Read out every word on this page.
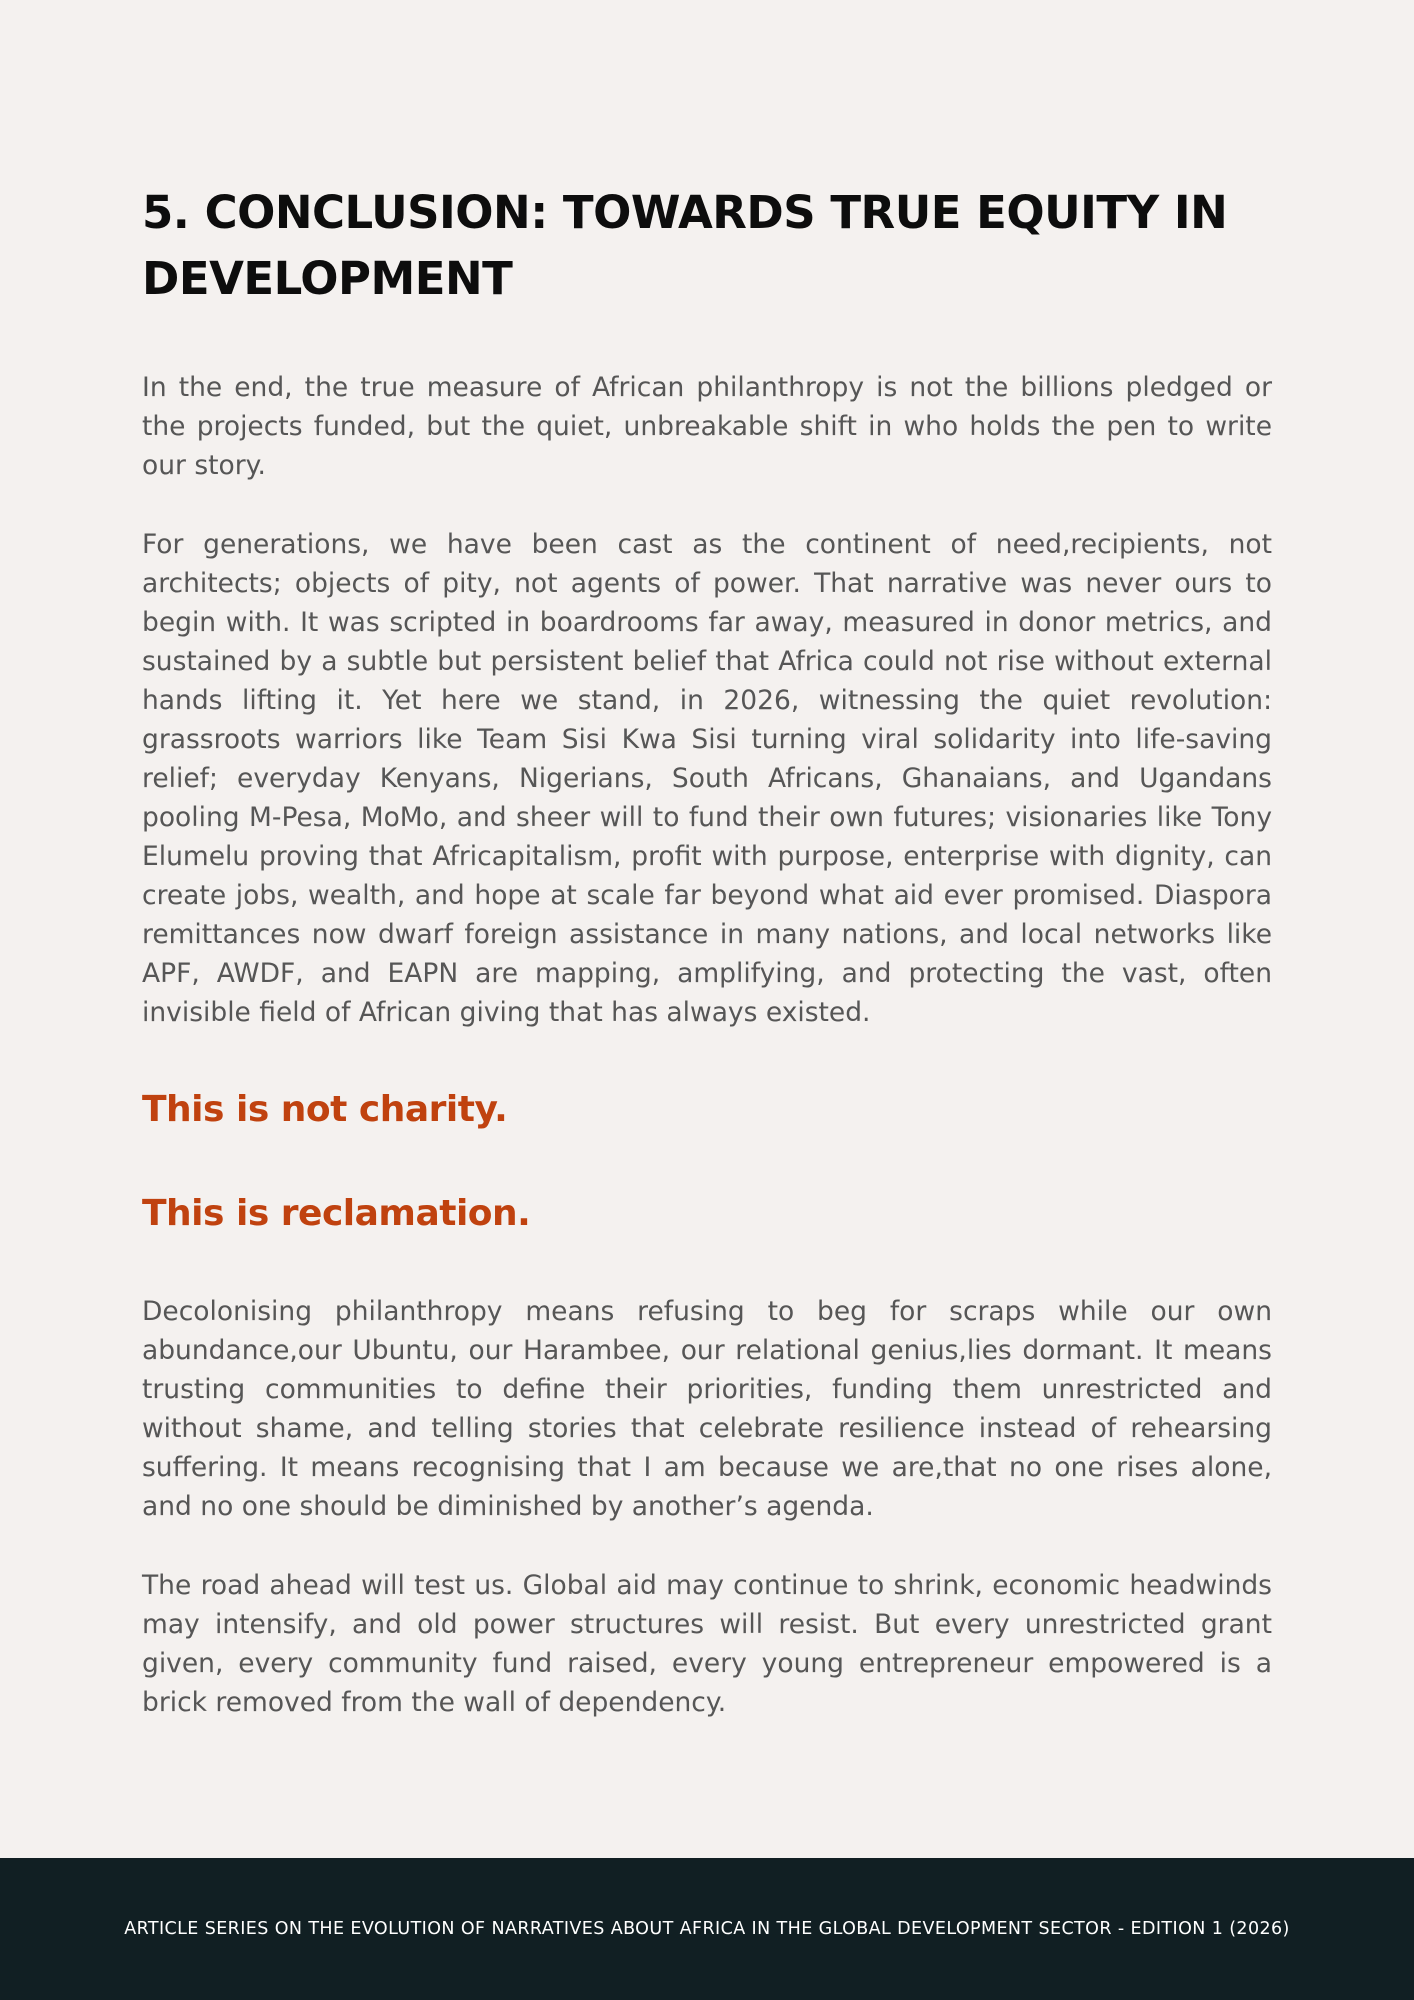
5. CONCLUSION: TOWARDS TRUE EQUITY IN DEVELOPMENT

In the end, the true measure of African philanthropy is not the billions pledged or the projects funded, but the quiet, unbreakable shift in who holds the pen to write our story.

For generations, we have been cast as the continent of need,recipients, not architects; objects of pity, not agents of power. That narrative was never ours to begin with. It was scripted in boardrooms far away, measured in donor metrics, and sustained by a subtle but persistent belief that Africa could not rise without external hands lifting it. Yet here we stand, in 2026, witnessing the quiet revolution: grassroots warriors like Team Sisi Kwa Sisi turning viral solidarity into life-saving relief; everyday Kenyans, Nigerians, South Africans, Ghanaians, and Ugandans pooling M-Pesa, MoMo, and sheer will to fund their own futures; visionaries like Tony Elumelu proving that Africapitalism, profit with purpose, enterprise with dignity, can create jobs, wealth, and hope at scale far beyond what aid ever promised. Diaspora remittances now dwarf foreign assistance in many nations, and local networks like APF, AWDF, and EAPN are mapping, amplifying, and protecting the vast, often invisible field of African giving that has always existed.

This is not charity.
This is reclamation.

Decolonising philanthropy means refusing to beg for scraps while our own abundance,our Ubuntu, our Harambee, our relational genius,lies dormant. It means trusting communities to define their priorities, funding them unrestricted and without shame, and telling stories that celebrate resilience instead of rehearsing suffering. It means recognising that I am because we are,that no one rises alone, and no one should be diminished by another’s agenda.

The road ahead will test us. Global aid may continue to shrink, economic headwinds may intensify, and old power structures will resist. But every unrestricted grant given, every community fund raised, every young entrepreneur empowered is a brick removed from the wall of dependency.

ARTICLE SERIES ON THE EVOLUTION OF NARRATIVES ABOUT AFRICA IN THE GLOBAL DEVELOPMENT SECTOR - EDITION 1 (2026)
